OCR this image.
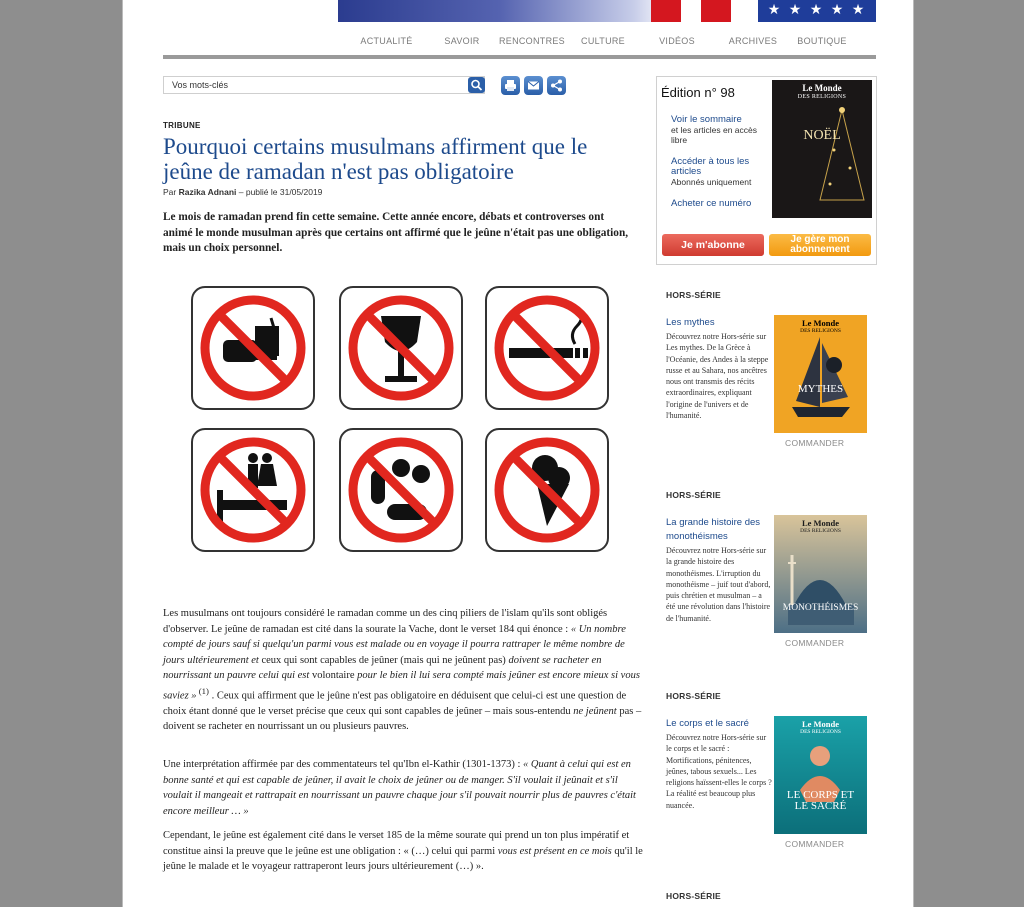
★ ★ ★ ★ ★ ★
ACTUALITÉ	SAVOIR	RENCONTRES	CULTURE	VIDÉOS	ARCHIVES	BOUTIQUE
Vos mots-clés
TRIBUNE
Pourquoi certains musulmans affirment que le jeûne de ramadan n'est pas obligatoire
Par Razika Adnani – publié le 31/05/2019
Le mois de ramadan prend fin cette semaine. Cette année encore, débats et controverses ont animé le monde musulman après que certains ont affirmé que le jeûne n'était pas une obligation, mais un choix personnel.
Les musulmans ont toujours considéré le ramadan comme un des cinq piliers de l'islam qu'ils sont obligés d'observer. Le jeûne de ramadan est cité dans la sourate la Vache, dont le verset 184 qui énonce : « Un nombre compté de jours sauf si quelqu'un parmi vous est malade ou en voyage il pourra rattraper le même nombre de jours ultérieurement et ceux qui sont capables de jeûner (mais qui ne jeûnent pas) doivent se racheter en nourrissant un pauvre celui qui est volontaire pour le bien il lui sera compté mais jeûner est encore mieux si vous saviez » $^{(1)}$ . Ceux qui affirment que le jeûne n'est pas obligatoire en déduisent que celui-ci est une question de choix étant donné que le verset précise que ceux qui sont capables de jeûner – mais sous-entendu ne jeûnent pas – doivent se racheter en nourrissant un ou plusieurs pauvres.
Une interprétation affirmée par des commentateurs tel qu'Ibn el-Kathir (1301-1373) : « Quant à celui qui est en bonne santé et qui est capable de jeûner, il avait le choix de jeûner ou de manger. S'il voulait il jeûnait et s'il voulait il mangeait et rattrapait en nourrissant un pauvre chaque jour s'il pouvait nourrir plus de pauvres c'était encore meilleur … »
Cependant, le jeûne est également cité dans le verset 185 de la même sourate qui prend un ton plus impératif et constitue ainsi la preuve que le jeûne est une obligation : « (…) celui qui parmi vous est présent en ce mois qu'il le jeûne le malade et le voyageur rattraperont leurs jours ultérieurement (…) ».
Édition n° 98
Voir le sommaire
et les articles en accès libre
Accéder à tous les articles
Abonnés uniquement
Acheter ce numéro
Le Monde
DES RELIGIONS
NOËL
Je m'abonne	Je gère mon abonnement
HORS-SÉRIE
Les mythes
Découvrez notre Hors-série sur Les mythes. De la Grèce à l'Océanie, des Andes à la steppe russe et au Sahara, nos ancêtres nous ont transmis des récits extraordinaires, expliquant l'origine de l'univers et de l'humanité.
Le Monde
DES RELIGIONS
MYTHES
COMMANDER
HORS-SÉRIE
La grande histoire des monothéismes
Découvrez notre Hors-série sur la grande histoire des monothéismes. L'irruption du monothéisme – juif tout d'abord, puis chrétien et musulman – a été une révolution dans l'histoire de l'humanité.
Le Monde
DES RELIGIONS
MONOTHÉISMES
COMMANDER
HORS-SÉRIE
Le corps et le sacré
Découvrez notre Hors-série sur le corps et le sacré : Mortifications, pénitences, jeûnes, tabous sexuels... Les religions haïssent-elles le corps ? La réalité est beaucoup plus nuancée.
Le Monde
DES RELIGIONS
LE CORPS ET LE SACRÉ
COMMANDER
HORS-SÉRIE
